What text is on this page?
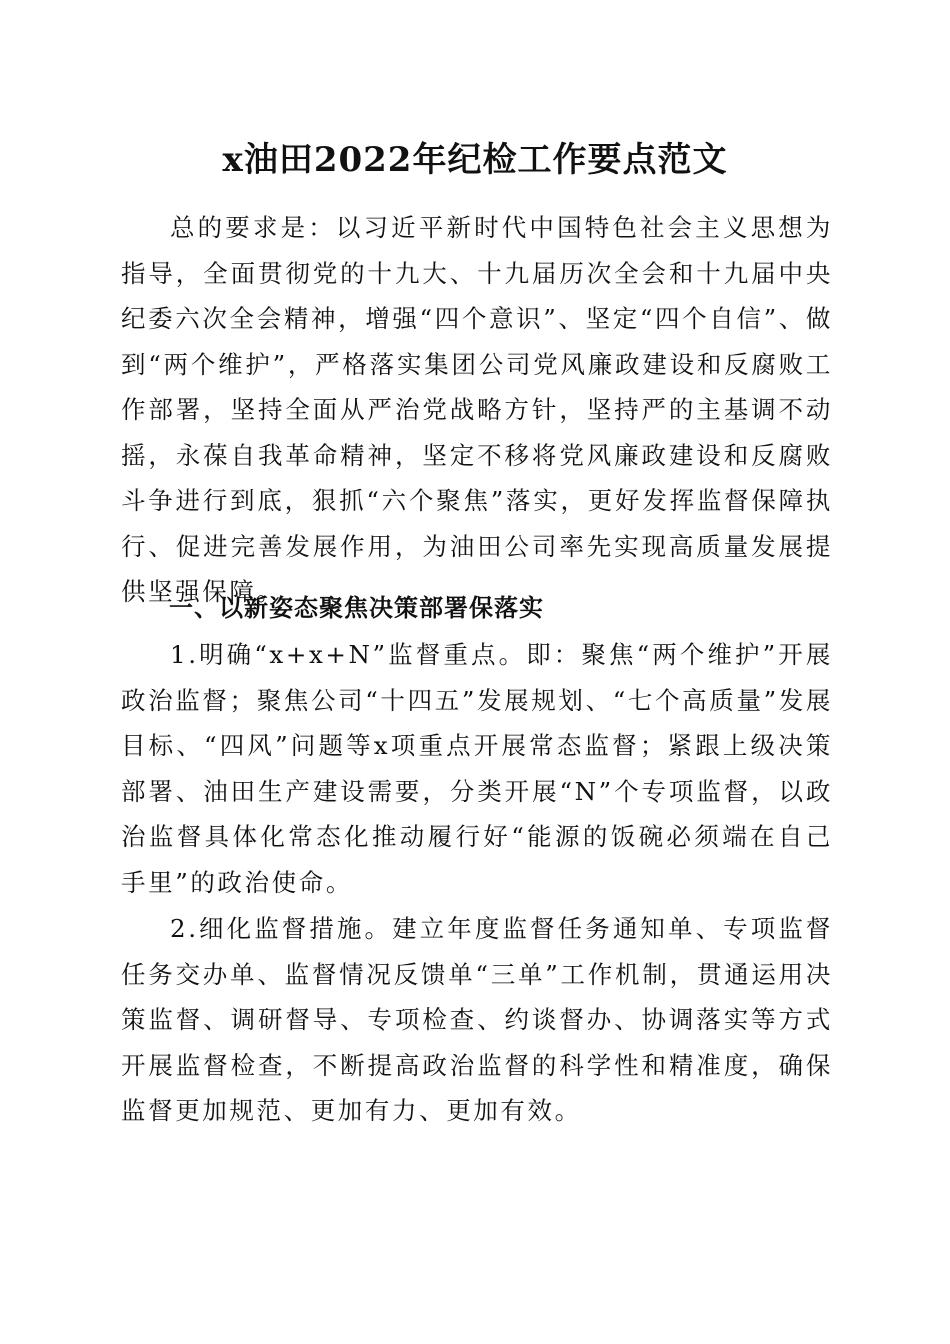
x油田2022年纪检工作要点范文

总的要求是：以习近平新时代中国特色社会主义思想为指导，全面贯彻党的十九大、十九届历次全会和十九届中央纪委六次全会精神，增强“四个意识”、坚定“四个自信”、做到“两个维护”，严格落实集团公司党风廉政建设和反腐败工作部署，坚持全面从严治党战略方针，坚持严的主基调不动摇，永葆自我革命精神，坚定不移将党风廉政建设和反腐败斗争进行到底，狠抓“六个聚焦”落实，更好发挥监督保障执行、促进完善发展作用，为油田公司率先实现高质量发展提供坚强保障。

一、以新姿态聚焦决策部署保落实

1.明确“x+x+N”监督重点。即：聚焦“两个维护”开展政治监督；聚焦公司“十四五”发展规划、“七个高质量”发展目标、“四风”问题等x项重点开展常态监督；紧跟上级决策部署、油田生产建设需要，分类开展“N”个专项监督，以政治监督具体化常态化推动履行好“能源的饭碗必须端在自己手里”的政治使命。

2.细化监督措施。建立年度监督任务通知单、专项监督任务交办单、监督情况反馈单“三单”工作机制，贯通运用决策监督、调研督导、专项检查、约谈督办、协调落实等方式开展监督检查，不断提高政治监督的科学性和精准度，确保监督更加规范、更加有力、更加有效。
